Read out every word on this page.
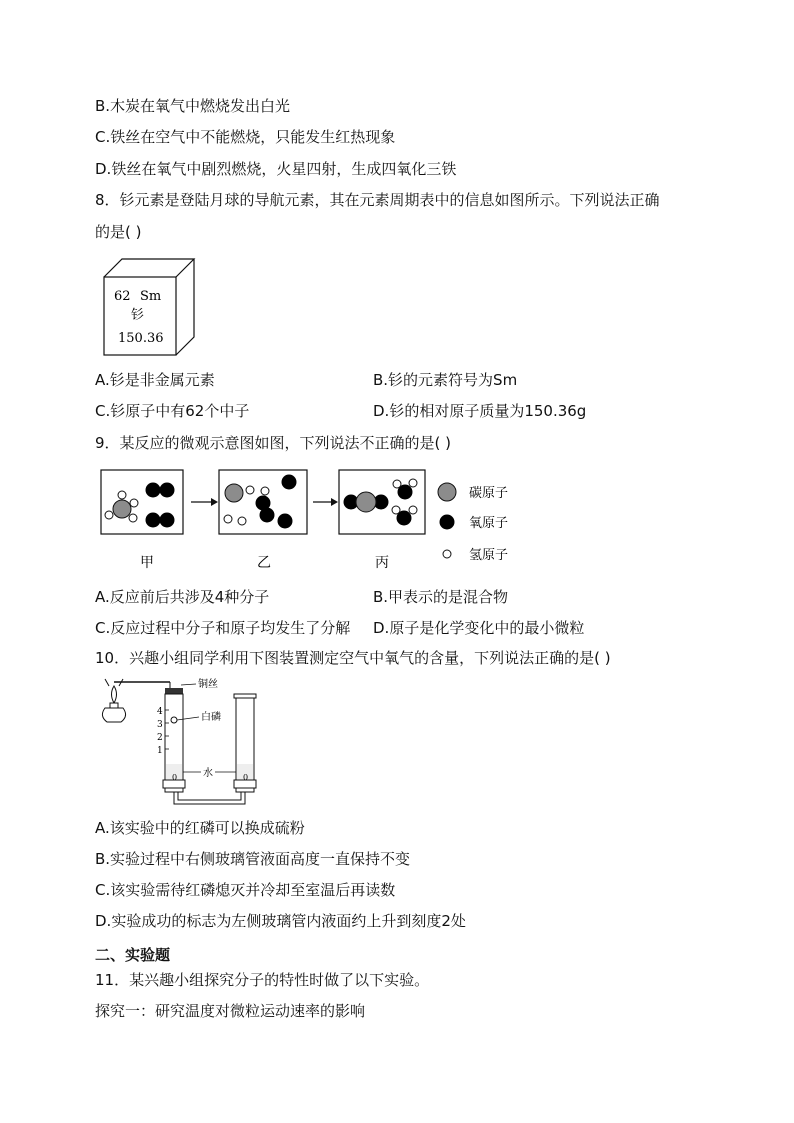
B.木炭在氧气中燃烧发出白光
C.铁丝在空气中不能燃烧，只能发生红热现象
D.铁丝在氧气中剧烈燃烧，火星四射，生成四氧化三铁
8．钐元素是登陆月球的导航元素，其在元素周期表中的信息如图所示。下列说法正确
的是( )
62 Sm
钐
150.36
A.钐是非金属元素	B.钐的元素符号为Sm
C.钐原子中有62个中子	D.钐的相对原子质量为150.36g
9．某反应的微观示意图如图，下列说法不正确的是( )
碳原子
氧原子
氢原子
甲	乙	丙
A.反应前后共涉及4种分子	B.甲表示的是混合物
C.反应过程中分子和原子均发生了分解 D.原子是化学变化中的最小微粒
10．兴趣小组同学利用下图装置测定空气中氧气的含量，下列说法正确的是( )
铜丝
白磷
4
3
2
1
0	水	0
A.该实验中的红磷可以换成硫粉
B.实验过程中右侧玻璃管液面高度一直保持不变
C.该实验需待红磷熄灭并冷却至室温后再读数
D.实验成功的标志为左侧玻璃管内液面约上升到刻度2处
二、实验题
11．某兴趣小组探究分子的特性时做了以下实验。
探究一：研究温度对微粒运动速率的影响
